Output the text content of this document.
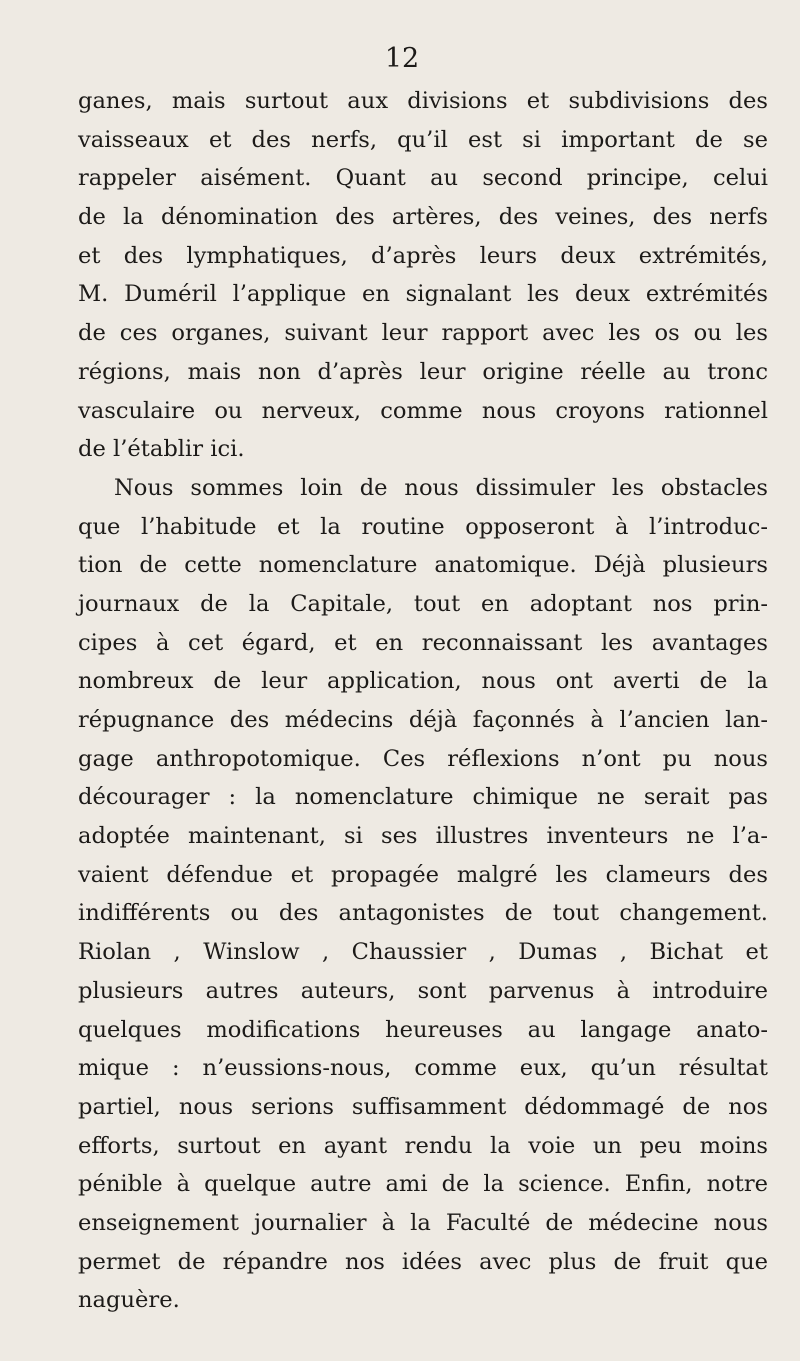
12
ganes, mais surtout aux divisions et subdivisions des
vaisseaux et des nerfs, qu’il est si important de se
rappeler aisément. Quant au second principe, celui
de la dénomination des artères, des veines, des nerfs
et des lymphatiques, d’après leurs deux extrémités,
M. Duméril l’applique en signalant les deux extrémités
de ces organes, suivant leur rapport avec les os ou les
régions, mais non d’après leur origine réelle au tronc
vasculaire ou nerveux, comme nous croyons rationnel
de l’établir ici.
Nous sommes loin de nous dissimuler les obstacles
que l’habitude et la routine opposeront à l’introduc-
tion de cette nomenclature anatomique. Déjà plusieurs
journaux de la Capitale, tout en adoptant nos prin-
cipes à cet égard, et en reconnaissant les avantages
nombreux de leur application, nous ont averti de la
répugnance des médecins déjà façonnés à l’ancien lan-
gage anthropotomique. Ces réflexions n’ont pu nous
décourager : la nomenclature chimique ne serait pas
adoptée maintenant, si ses illustres inventeurs ne l’a-
vaient défendue et propagée malgré les clameurs des
indifférents ou des antagonistes de tout changement.
Riolan , Winslow , Chaussier , Dumas , Bichat et
plusieurs autres auteurs, sont parvenus à introduire
quelques modifications heureuses au langage anato-
mique : n’eussions-nous, comme eux, qu’un résultat
partiel, nous serions suffisamment dédommagé de nos
efforts, surtout en ayant rendu la voie un peu moins
pénible à quelque autre ami de la science. Enfin, notre
enseignement journalier à la Faculté de médecine nous
permet de répandre nos idées avec plus de fruit que
naguère.
